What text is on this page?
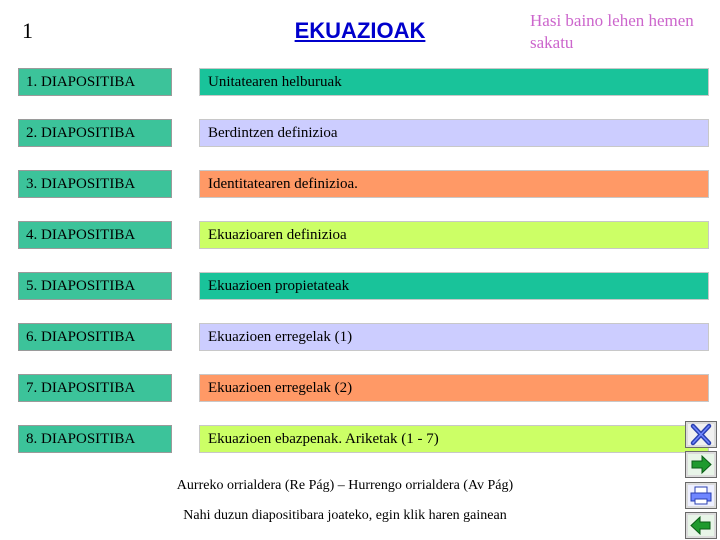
1	EKUAZIOAK	Hasi baino lehen hemen sakatu
1. DIAPOSITIBA	Unitatearen helburuak
2. DIAPOSITIBA	Berdintzen definizioa
3. DIAPOSITIBA	Identitatearen definizioa.
4. DIAPOSITIBA	Ekuazioaren definizioa
5. DIAPOSITIBA	Ekuazioen propietateak
6. DIAPOSITIBA	Ekuazioen erregelak (1)
7. DIAPOSITIBA	Ekuazioen erregelak (2)
8. DIAPOSITIBA	Ekuazioen ebazpenak. Ariketak (1 - 7)
Aurreko orrialdera (Re Pág) – Hurrengo orrialdera (Av Pág)
Nahi duzun diapositibara joateko, egin klik haren gainean
